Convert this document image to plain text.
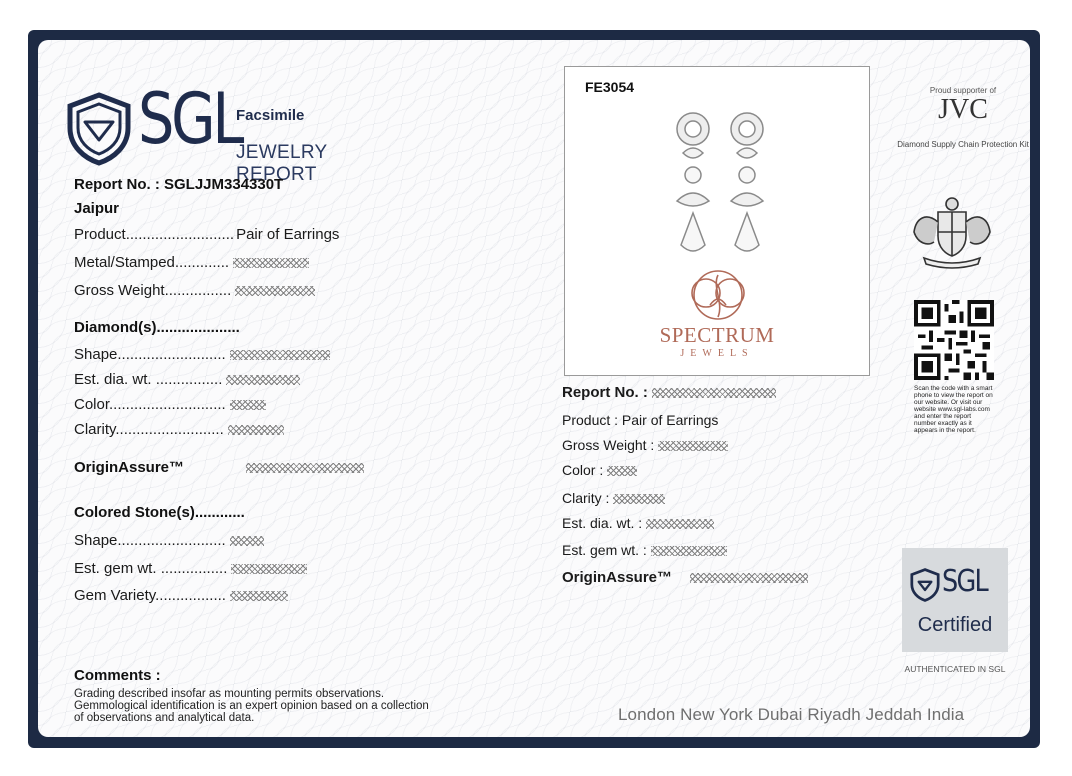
SGL
Facsimile
JEWELRY REPORT
Report No. : SGLJJM334330T
Jaipur
Product.......................... Pair of Earrings
Metal/Stamped.............
Gross Weight................
Diamond(s)....................
Shape..........................
Est. dia. wt. ................
Color............................
Clarity..........................
OriginAssure™
Colored Stone(s)............
Shape..........................
Est. gem wt. ................
Gem Variety.................
Comments :
Grading described insofar as mounting permits observations. Gemmological identification is an expert opinion based on a collection of observations and analytical data.
FE3054
SPECTRUM
JEWELS
Report No. :
Product : Pair of Earrings
Gross Weight :
Color :
Clarity :
Est. dia. wt. :
Est. gem wt. :
OriginAssure™
London New York Dubai Riyadh Jeddah India
Proud supporter of
JVC
Diamond Supply Chain Protection Kit
Scan the code with a smart phone to view the report on our website. Or visit our website www.sgl-labs.com and enter the report number exactly as it appears in the report.
SGL
Certified
AUTHENTICATED IN SGL
